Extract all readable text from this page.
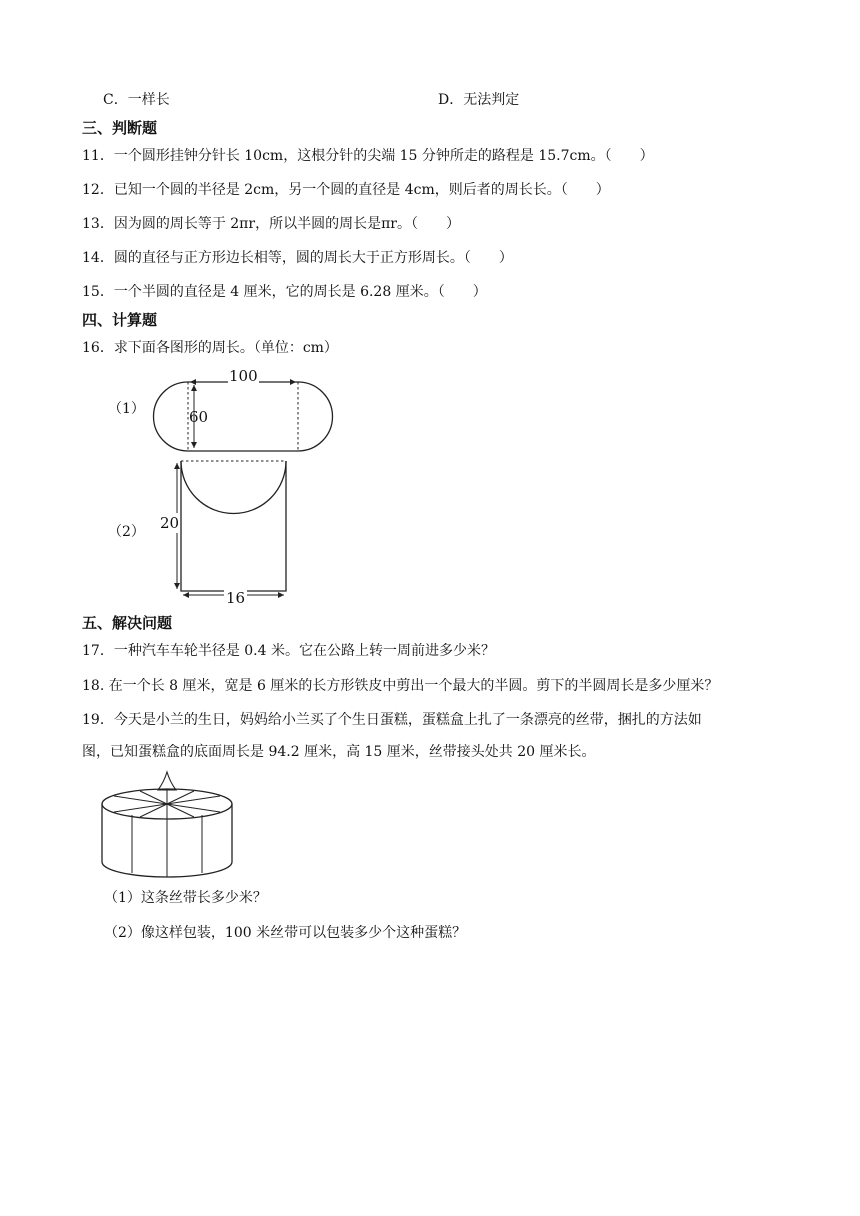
C．一样长	D．无法判定
三、判断题
11．一个圆形挂钟分针长 10cm，这根分针的尖端 15 分钟所走的路程是 15.7cm。（　　）
12．已知一个圆的半径是 2cm，另一个圆的直径是 4cm，则后者的周长长。（　　）
13．因为圆的周长等于 2πr，所以半圆的周长是πr。（　　）
14．圆的直径与正方形边长相等，圆的周长大于正方形周长。（　　）
15．一个半圆的直径是 4 厘米，它的周长是 6.28 厘米。（　　）
四、计算题
16．求下面各图形的周长。（单位：cm）
（1）
100
60
（2） 20
16
五、解决问题
17．一种汽车车轮半径是 0.4 米。它在公路上转一周前进多少米？
18. 在一个长 8 厘米，宽是 6 厘米的长方形铁皮中剪出一个最大的半圆。剪下的半圆周长是多少厘米？
19．今天是小兰的生日，妈妈给小兰买了个生日蛋糕，蛋糕盒上扎了一条漂亮的丝带，捆扎的方法如
图，已知蛋糕盒的底面周长是 94.2 厘米，高 15 厘米，丝带接头处共 20 厘米长。
（1）这条丝带长多少米？
（2）像这样包装，100 米丝带可以包装多少个这种蛋糕？
